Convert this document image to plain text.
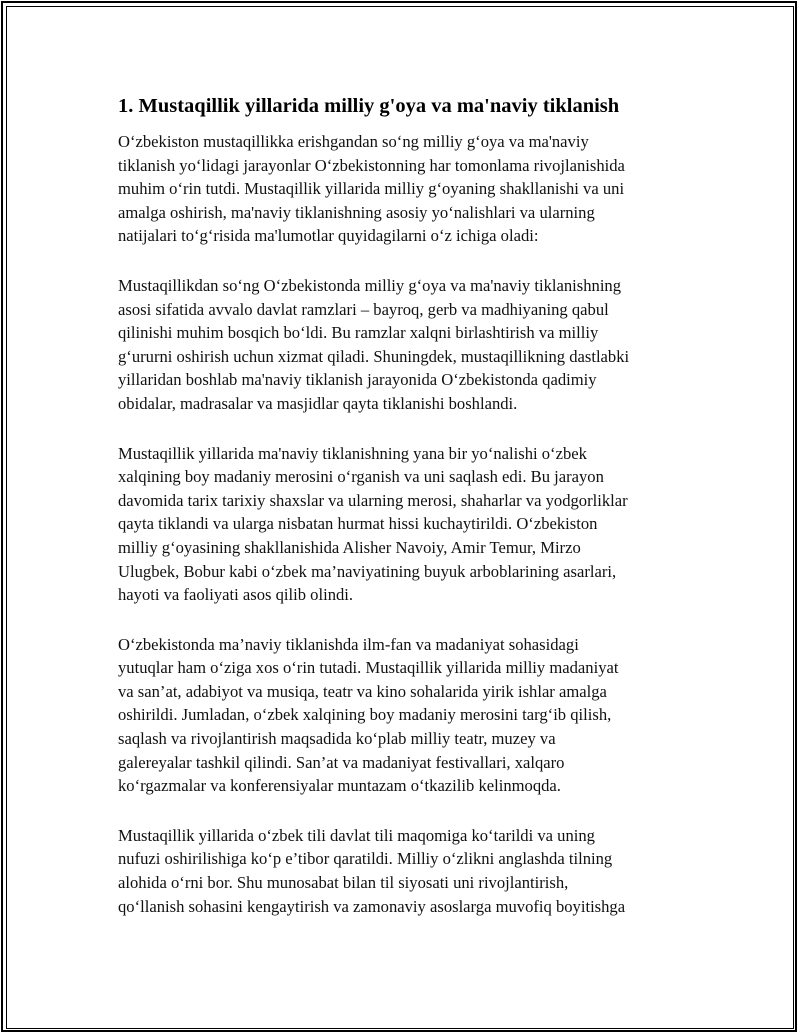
1. Mustaqillik yillarida milliy g'oya va ma'naviy tiklanish

O‘zbekiston mustaqillikka erishgandan so‘ng milliy g‘oya va ma'naviy
tiklanish yo‘lidagi jarayonlar O‘zbekistonning har tomonlama rivojlanishida
muhim o‘rin tutdi. Mustaqillik yillarida milliy g‘oyaning shakllanishi va uni
amalga oshirish, ma'naviy tiklanishning asosiy yo‘nalishlari va ularning
natijalari to‘g‘risida ma'lumotlar quyidagilarni o‘z ichiga oladi:

Mustaqillikdan so‘ng O‘zbekistonda milliy g‘oya va ma'naviy tiklanishning
asosi sifatida avvalo davlat ramzlari – bayroq, gerb va madhiyaning qabul
qilinishi muhim bosqich bo‘ldi. Bu ramzlar xalqni birlashtirish va milliy
g‘ururni oshirish uchun xizmat qiladi. Shuningdek, mustaqillikning dastlabki
yillaridan boshlab ma'naviy tiklanish jarayonida O‘zbekistonda qadimiy
obidalar, madrasalar va masjidlar qayta tiklanishi boshlandi.

Mustaqillik yillarida ma'naviy tiklanishning yana bir yo‘nalishi o‘zbek
xalqining boy madaniy merosini o‘rganish va uni saqlash edi. Bu jarayon
davomida tarix tarixiy shaxslar va ularning merosi, shaharlar va yodgorliklar
qayta tiklandi va ularga nisbatan hurmat hissi kuchaytirildi. O‘zbekiston
milliy g‘oyasining shakllanishida Alisher Navoiy, Amir Temur, Mirzo
Ulugbek, Bobur kabi o‘zbek ma’naviyatining buyuk arboblarining asarlari,
hayoti va faoliyati asos qilib olindi.

O‘zbekistonda ma’naviy tiklanishda ilm-fan va madaniyat sohasidagi
yutuqlar ham o‘ziga xos o‘rin tutadi. Mustaqillik yillarida milliy madaniyat
va san’at, adabiyot va musiqa, teatr va kino sohalarida yirik ishlar amalga
oshirildi. Jumladan, o‘zbek xalqining boy madaniy merosini targ‘ib qilish,
saqlash va rivojlantirish maqsadida ko‘plab milliy teatr, muzey va
galereyalar tashkil qilindi. San’at va madaniyat festivallari, xalqaro
ko‘rgazmalar va konferensiyalar muntazam o‘tkazilib kelinmoqda.

Mustaqillik yillarida o‘zbek tili davlat tili maqomiga ko‘tarildi va uning
nufuzi oshirilishiga ko‘p e’tibor qaratildi. Milliy o‘zlikni anglashda tilning
alohida o‘rni bor. Shu munosabat bilan til siyosati uni rivojlantirish,
qo‘llanish sohasini kengaytirish va zamonaviy asoslarga muvofiq boyitishga
